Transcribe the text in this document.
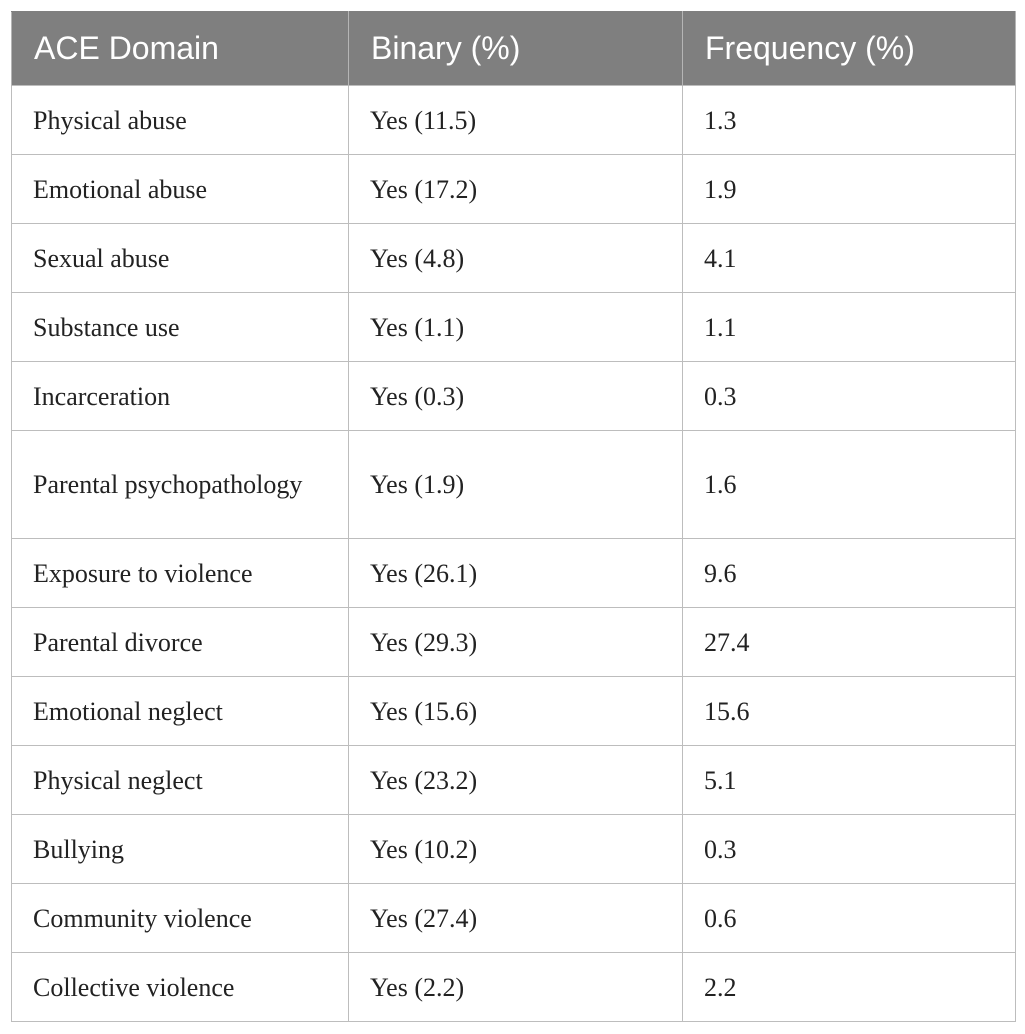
ACE Domain	Binary (%)	Frequency (%)
Physical abuse	Yes (11.5)	1.3
Emotional abuse	Yes (17.2)	1.9
Sexual abuse	Yes (4.8)	4.1
Substance use	Yes (1.1)	1.1
Incarceration	Yes (0.3)	0.3
Parental psychopathology	Yes (1.9)	1.6
Exposure to violence	Yes (26.1)	9.6
Parental divorce	Yes (29.3)	27.4
Emotional neglect	Yes (15.6)	15.6
Physical neglect	Yes (23.2)	5.1
Bullying	Yes (10.2)	0.3
Community violence	Yes (27.4)	0.6
Collective violence	Yes (2.2)	2.2
